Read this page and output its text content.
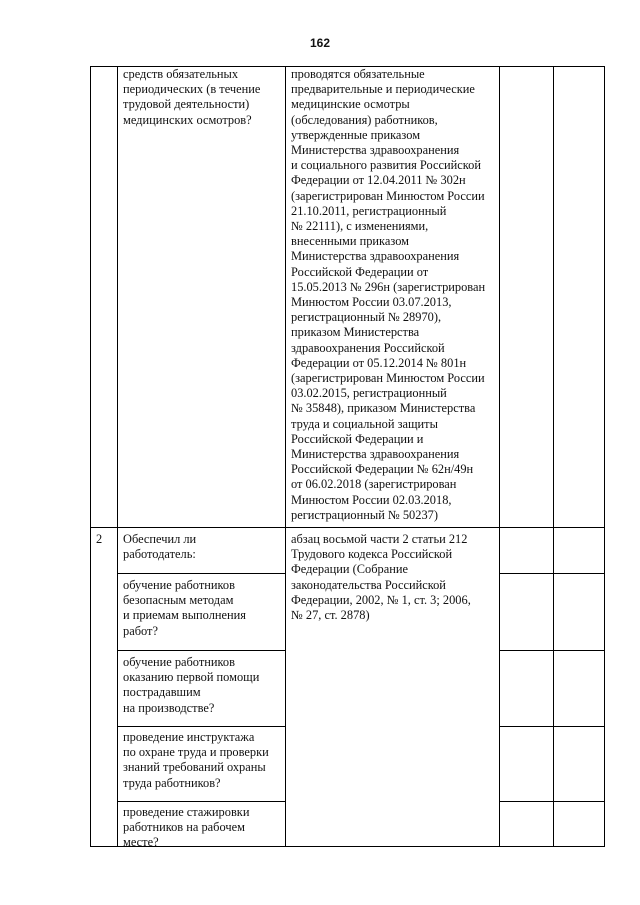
162
средств обязательных
периодических (в течение
трудовой деятельности)
медицинских осмотров?
проводятся обязательные
предварительные и периодические
медицинские осмотры
(обследования) работников,
утвержденные приказом
Министерства здравоохранения
и социального развития Российской
Федерации от 12.04.2011 № 302н
(зарегистрирован Минюстом России
21.10.2011, регистрационный
№ 22111), с изменениями,
внесенными приказом
Министерства здравоохранения
Российской Федерации от
15.05.2013 № 296н (зарегистрирован
Минюстом России 03.07.2013,
регистрационный № 28970),
приказом Министерства
здравоохранения Российской
Федерации от 05.12.2014 № 801н
(зарегистрирован Минюстом России
03.02.2015, регистрационный
№ 35848), приказом Министерства
труда и социальной защиты
Российской Федерации и
Министерства здравоохранения
Российской Федерации № 62н/49н
от 06.02.2018 (зарегистрирован
Минюстом России 02.03.2018,
регистрационный № 50237)
2	Обеспечил ли
работодатель:
абзац восьмой части 2 статьи 212
Трудового кодекса Российской
Федерации (Собрание
законодательства Российской
Федерации, 2002, № 1, ст. 3; 2006,
№ 27, ст. 2878)
обучение работников
безопасным методам
и приемам выполнения
работ?
обучение работников
оказанию первой помощи
пострадавшим
на производстве?
проведение инструктажа
по охране труда и проверки
знаний требований охраны
труда работников?
проведение стажировки
работников на рабочем
месте?
